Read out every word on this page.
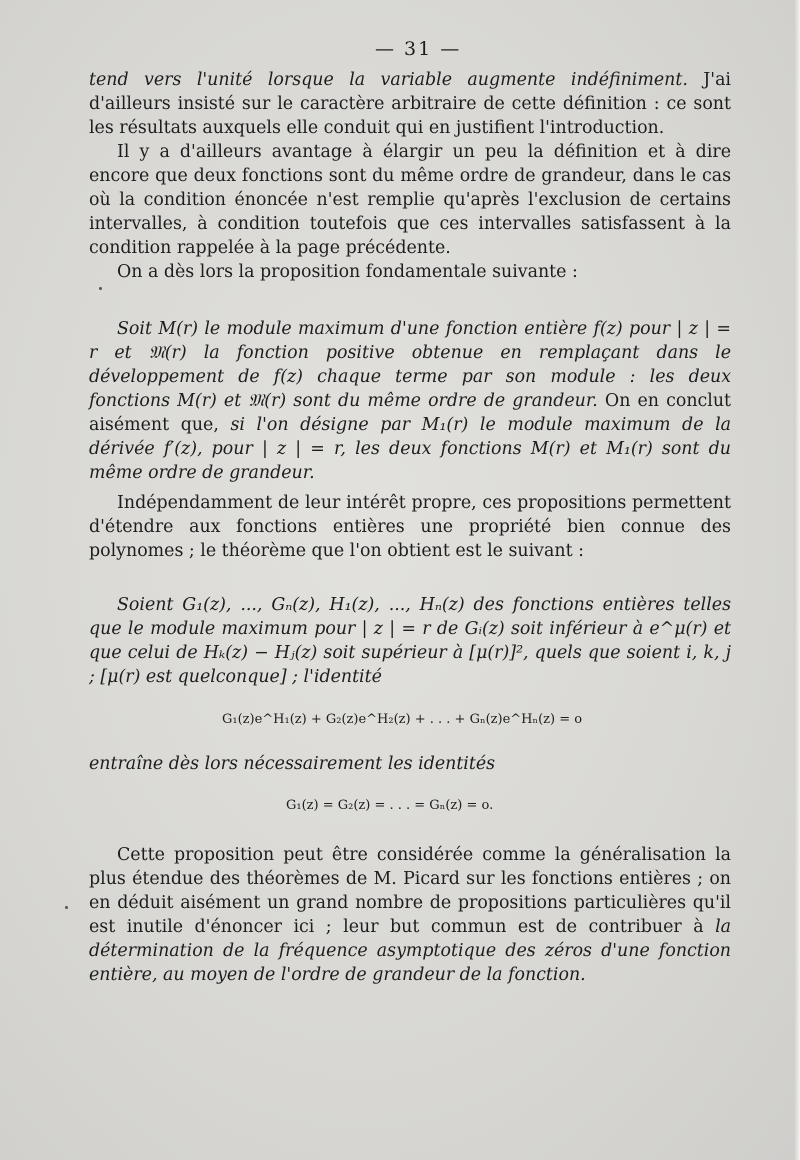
— 31 —

tend vers l'unité lorsque la variable augmente indéfiniment. J'ai d'ailleurs insisté sur le caractère arbitraire de cette définition : ce sont les résultats auxquels elle conduit qui en justifient l'introduction.

Il y a d'ailleurs avantage à élargir un peu la définition et à dire encore que deux fonctions sont du même ordre de grandeur, dans le cas où la condition énoncée n'est remplie qu'après l'exclusion de certains intervalles, à condition toutefois que ces intervalles satisfassent à la condition rappelée à la page précédente.

On a dès lors la proposition fondamentale suivante :

Soit M(r) le module maximum d'une fonction entière f(z) pour | z | = r et 𝔐(r) la fonction positive obtenue en remplaçant dans le développement de f(z) chaque terme par son module : les deux fonctions M(r) et 𝔐(r) sont du même ordre de grandeur. On en conclut aisément que, si l'on désigne par M₁(r) le module maximum de la dérivée f′(z), pour | z | = r, les deux fonctions M(r) et M₁(r) sont du même ordre de grandeur.

Indépendamment de leur intérêt propre, ces propositions permettent d'étendre aux fonctions entières une propriété bien connue des polynomes ; le théorème que l'on obtient est le suivant :

Soient G₁(z), ..., Gₙ(z), H₁(z), ..., Hₙ(z) des fonctions entières telles que le module maximum pour | z | = r de Gᵢ(z) soit inférieur à e^μ(r) et que celui de Hₖ(z) − Hⱼ(z) soit supérieur à [μ(r)]², quels que soient i, k, j ; [μ(r) est quelconque] ; l'identité

G₁(z)e^H₁(z) + G₂(z)e^H₂(z) + . . . + Gₙ(z)e^Hₙ(z) = o

entraîne dès lors nécessairement les identités

G₁(z) = G₂(z) = . . . = Gₙ(z) = o.

Cette proposition peut être considérée comme la généralisation la plus étendue des théorèmes de M. Picard sur les fonctions entières ; on en déduit aisément un grand nombre de propositions particulières qu'il est inutile d'énoncer ici ; leur but commun est de contribuer à la détermination de la fréquence asymptotique des zéros d'une fonction entière, au moyen de l'ordre de grandeur de la fonction.
